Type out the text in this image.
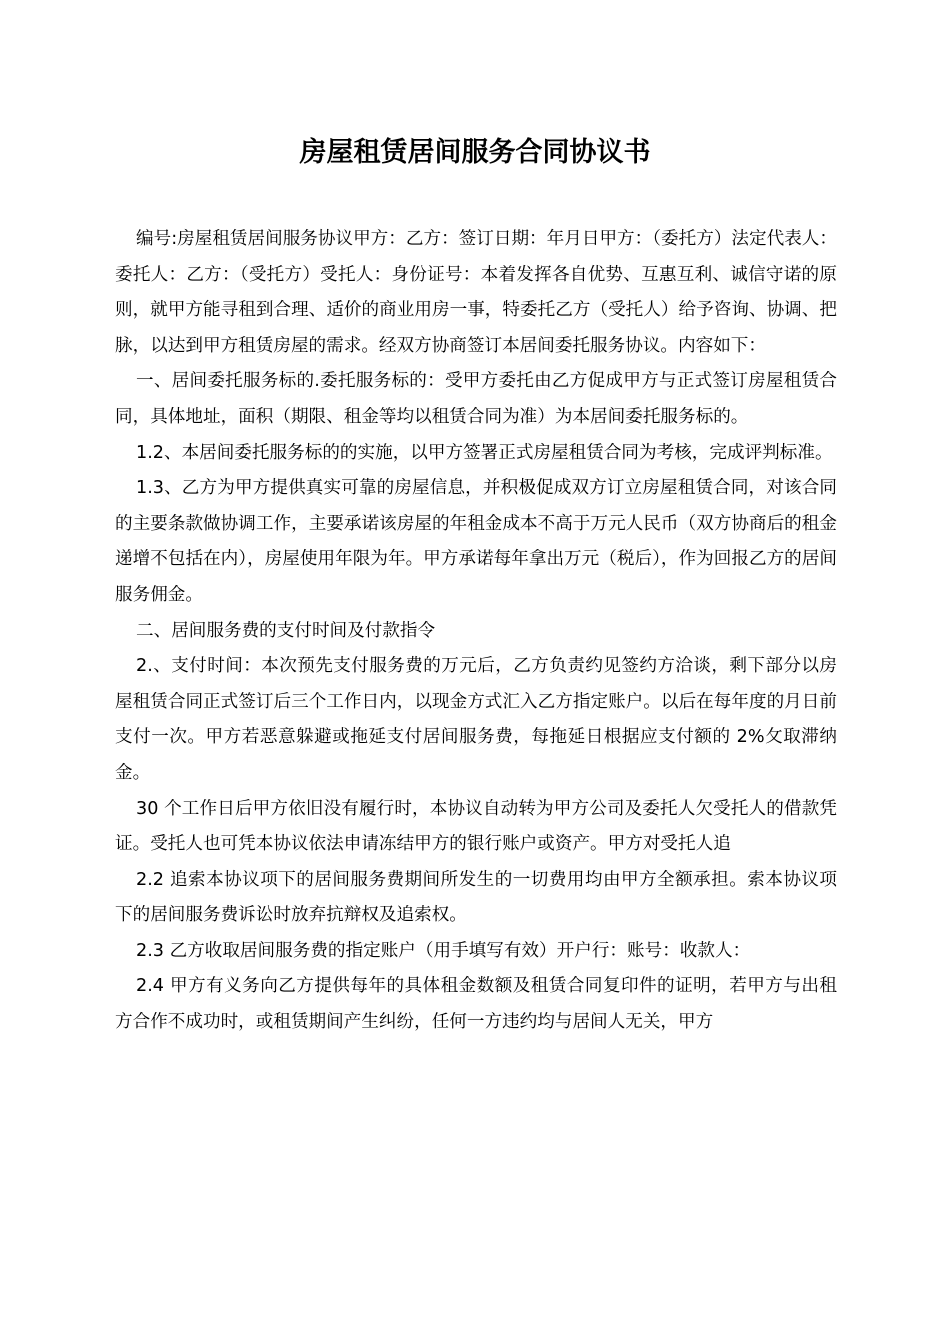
房屋租赁居间服务合同协议书

编号:房屋租赁居间服务协议甲方：乙方：签订日期：年月日甲方：（委托方）法定代表人：委托人：乙方：（受托方）受托人：身份证号：本着发挥各自优势、互惠互利、诚信守诺的原则，就甲方能寻租到合理、适价的商业用房一事，特委托乙方（受托人）给予咨询、协调、把脉，以达到甲方租赁房屋的需求。经双方协商签订本居间委托服务协议。内容如下：

一、居间委托服务标的.委托服务标的：受甲方委托由乙方促成甲方与正式签订房屋租赁合同，具体地址，面积（期限、租金等均以租赁合同为准）为本居间委托服务标的。

1.2、本居间委托服务标的的实施，以甲方签署正式房屋租赁合同为考核，完成评判标准。

1.3、乙方为甲方提供真实可靠的房屋信息，并积极促成双方订立房屋租赁合同，对该合同的主要条款做协调工作，主要承诺该房屋的年租金成本不高于万元人民币（双方协商后的租金递增不包括在内），房屋使用年限为年。甲方承诺每年拿出万元（税后），作为回报乙方的居间服务佣金。

二、居间服务费的支付时间及付款指令

2.、支付时间：本次预先支付服务费的万元后，乙方负责约见签约方洽谈，剩下部分以房屋租赁合同正式签订后三个工作日内，以现金方式汇入乙方指定账户。以后在每年度的月日前支付一次。甲方若恶意躲避或拖延支付居间服务费，每拖延日根据应支付额的 2%攵取滞纳金。

30 个工作日后甲方依旧没有履行时，本协议自动转为甲方公司及委托人欠受托人的借款凭证。受托人也可凭本协议依法申请冻结甲方的银行账户或资产。甲方对受托人追

2.2 追索本协议项下的居间服务费期间所发生的一切费用均由甲方全额承担。索本协议项下的居间服务费诉讼时放弃抗辩权及追索权。

2.3 乙方收取居间服务费的指定账户（用手填写有效）开户行：账号：收款人：

2.4 甲方有义务向乙方提供每年的具体租金数额及租赁合同复印件的证明，若甲方与出租方合作不成功时，或租赁期间产生纠纷，任何一方违约均与居间人无关，甲方
